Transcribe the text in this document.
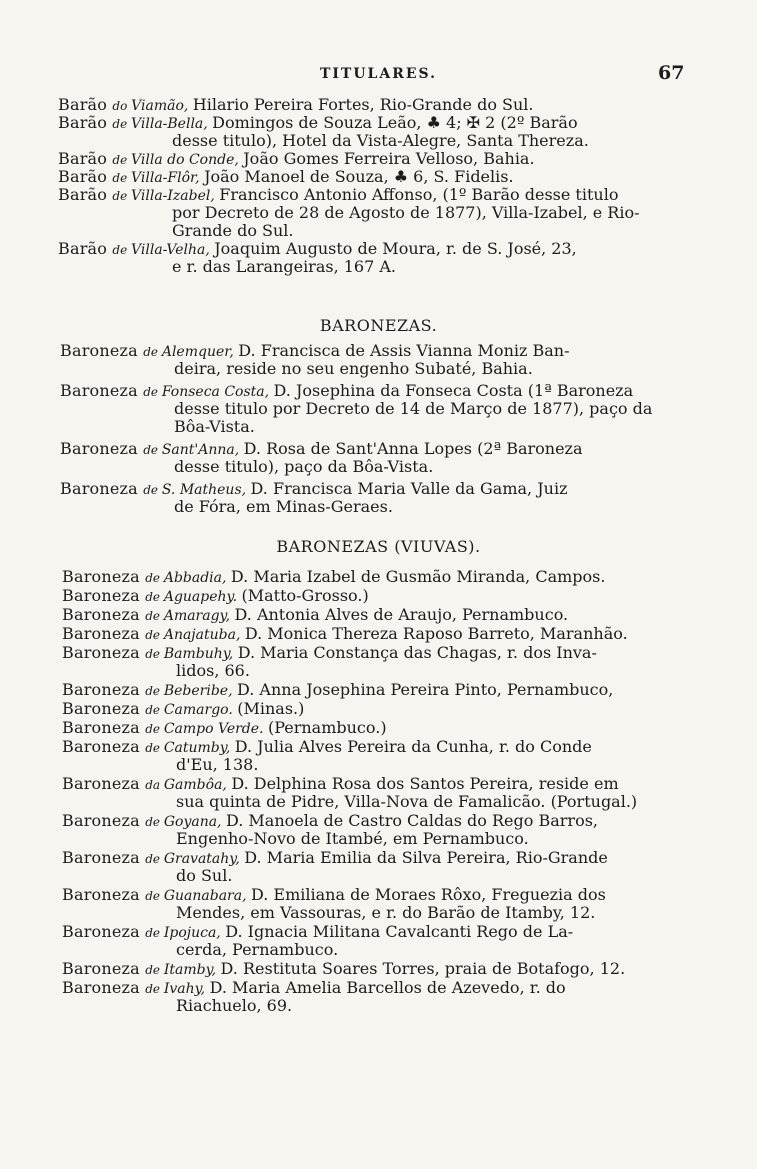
TITULARES.	67
Barão do Viamão, Hilario Pereira Fortes, Rio-Grande do Sul.
Barão de Villa-Bella, Domingos de Souza Leão, ♣ 4; ✠ 2 (2º Barão
desse titulo), Hotel da Vista-Alegre, Santa Thereza.
Barão de Villa do Conde, João Gomes Ferreira Velloso, Bahia.
Barão de Villa-Flôr, João Manoel de Souza, ♣ 6, S. Fidelis.
Barão de Villa-Izabel, Francisco Antonio Affonso, (1º Barão desse titulo
por Decreto de 28 de Agosto de 1877), Villa-Izabel, e Rio-
Grande do Sul.
Barão de Villa-Velha, Joaquim Augusto de Moura, r. de S. José, 23,
e r. das Larangeiras, 167 A.
BARONEZAS.
Baroneza de Alemquer, D. Francisca de Assis Vianna Moniz Ban-
deira, reside no seu engenho Subaté, Bahia.
Baroneza de Fonseca Costa, D. Josephina da Fonseca Costa (1ª Baroneza
desse titulo por Decreto de 14 de Março de 1877), paço da
Bôa-Vista.
Baroneza de Sant'Anna, D. Rosa de Sant'Anna Lopes (2ª Baroneza
desse titulo), paço da Bôa-Vista.
Baroneza de S. Matheus, D. Francisca Maria Valle da Gama, Juiz
de Fóra, em Minas-Geraes.
BARONEZAS (VIUVAS).
Baroneza de Abbadia, D. Maria Izabel de Gusmão Miranda, Campos.
Baroneza de Aguapehy. (Matto-Grosso.)
Baroneza de Amaragy, D. Antonia Alves de Araujo, Pernambuco.
Baroneza de Anajatuba, D. Monica Thereza Raposo Barreto, Maranhão.
Baroneza de Bambuhy, D. Maria Constança das Chagas, r. dos Inva-
lidos, 66.
Baroneza de Beberibe, D. Anna Josephina Pereira Pinto, Pernambuco,
Baroneza de Camargo. (Minas.)
Baroneza de Campo Verde. (Pernambuco.)
Baroneza de Catumby, D. Julia Alves Pereira da Cunha, r. do Conde
d'Eu, 138.
Baroneza da Gambôa, D. Delphina Rosa dos Santos Pereira, reside em
sua quinta de Pidre, Villa-Nova de Famalicão. (Portugal.)
Baroneza de Goyana, D. Manoela de Castro Caldas do Rego Barros,
Engenho-Novo de Itambé, em Pernambuco.
Baroneza de Gravatahy, D. Maria Emilia da Silva Pereira, Rio-Grande
do Sul.
Baroneza de Guanabara, D. Emiliana de Moraes Rôxo, Freguezia dos
Mendes, em Vassouras, e r. do Barão de Itamby, 12.
Baroneza de Ipojuca, D. Ignacia Militana Cavalcanti Rego de La-
cerda, Pernambuco.
Baroneza de Itamby, D. Restituta Soares Torres, praia de Botafogo, 12.
Baroneza de Ivahy, D. Maria Amelia Barcellos de Azevedo, r. do
Riachuelo, 69.
